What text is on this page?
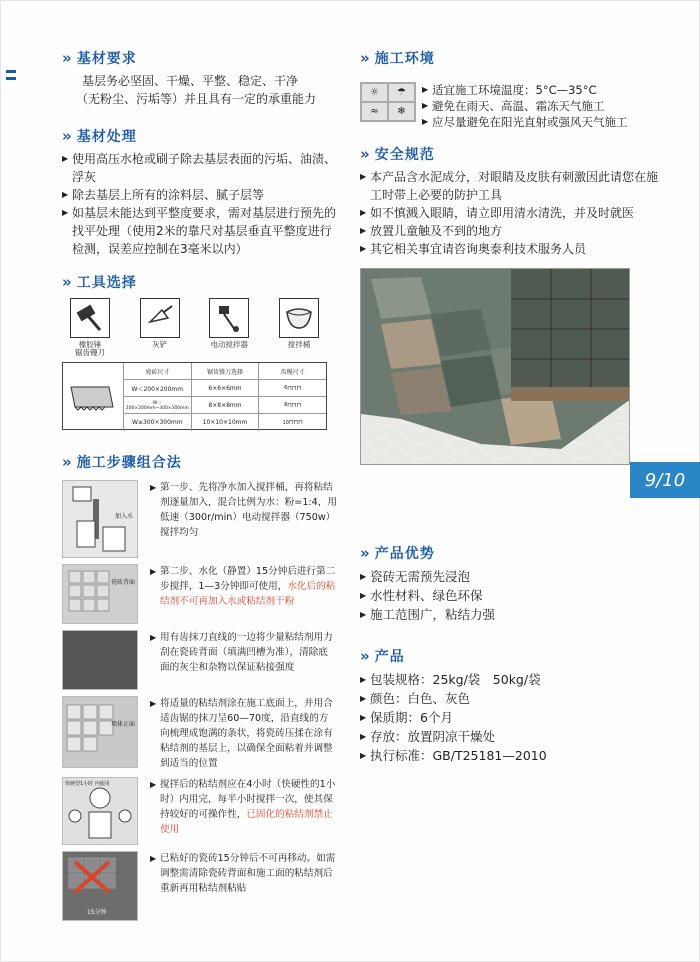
» 基材要求
基层务必坚固、干燥、平整、稳定、干净
（无粉尘、污垢等）并且具有一定的承重能力
» 基材处理
▶ 使用高压水枪或刷子除去基层表面的污垢、油渍、浮灰
▶ 除去基层上所有的涂料层、腻子层等
▶ 如基层未能达到平整度要求，需对基层进行预先的找平处理（使用2米的靠尺对基层垂直平整度进行检测，误差应控制在3毫米以内）
» 工具选择
橡胶锤	灰铲	电动搅拌器	搅拌桶
锯齿镘刀
瓷砖尺寸	锯齿镘刀选择	齿模尺寸
W＜200×200mm	6×6×6mm	6 ⊓⊓⊓
W＞200×200mm~300×300mm	8×8×8mm	8 ⊓⊓⊓
W≥300×300mm	10×10×10mm	10 ⊓⊓⊓
» 施工步骤组合法
加入水
▶ 第一步、先将净水加入搅拌桶，再将粘结剂逐量加入，混合比例为水：粉=1:4，用低速（300r/min）电动搅拌器（750w）搅拌均匀
瓷砖背面
▶ 第二步、水化（静置）15分钟后进行第二步搅拌，1—3分钟即可使用，水化后的粘结剂不可再加入水或粘结剂干粉
▶ 用有齿抹刀直线的一边将少量粘结剂用力刮在瓷砖背面（填满凹槽为准），清除底面的灰尘和杂物以保证粘接强度
墙体正面
▶ 将适量的粘结剂涂在施工底面上，并用合适齿锯的抹刀呈60—70度，沿直线的方向梳理成饱满的条状，将瓷砖压揉在涂有粘结剂的基层上，以确保全面粘着并调整到适当的位置
快硬型1小时 内使用
▶	搅拌后的粘结剂应在4小时（快硬性的1小时）内用完，每半小时搅拌一次，使其保持较好的可操作性，已固化的粘结剂禁止使用
15分钟
▶ 已粘好的瓷砖15分钟后不可再移动。如需调整需清除瓷砖背面和施工面的粘结剂后重新再用粘结剂粘贴
» 施工环境
☼	☂
≈	❄
▶ 适宜施工环境温度：5°C—35°C
▶ 避免在雨天、高温、霜冻天气施工
▶ 应尽量避免在阳光直射或强风天气施工
» 安全规范
▶ 本产品含水泥成分，对眼睛及皮肤有刺激因此请您在施工时带上必要的防护工具
▶ 如不慎溅入眼睛，请立即用清水清洗，并及时就医
▶ 放置儿童触及不到的地方
▶ 其它相关事宜请咨询奥泰利技术服务人员
» 产品优势
▶ 瓷砖无需预先浸泡
▶ 水性材料、绿色环保
▶ 施工范围广，粘结力强
» 产品
▶ 包装规格：25kg/袋　50kg/袋
▶ 颜色：白色、灰色
▶ 保质期：6个月
▶ 存放：放置阴凉干燥处
▶ 执行标准：GB/T25181—2010
9/10
